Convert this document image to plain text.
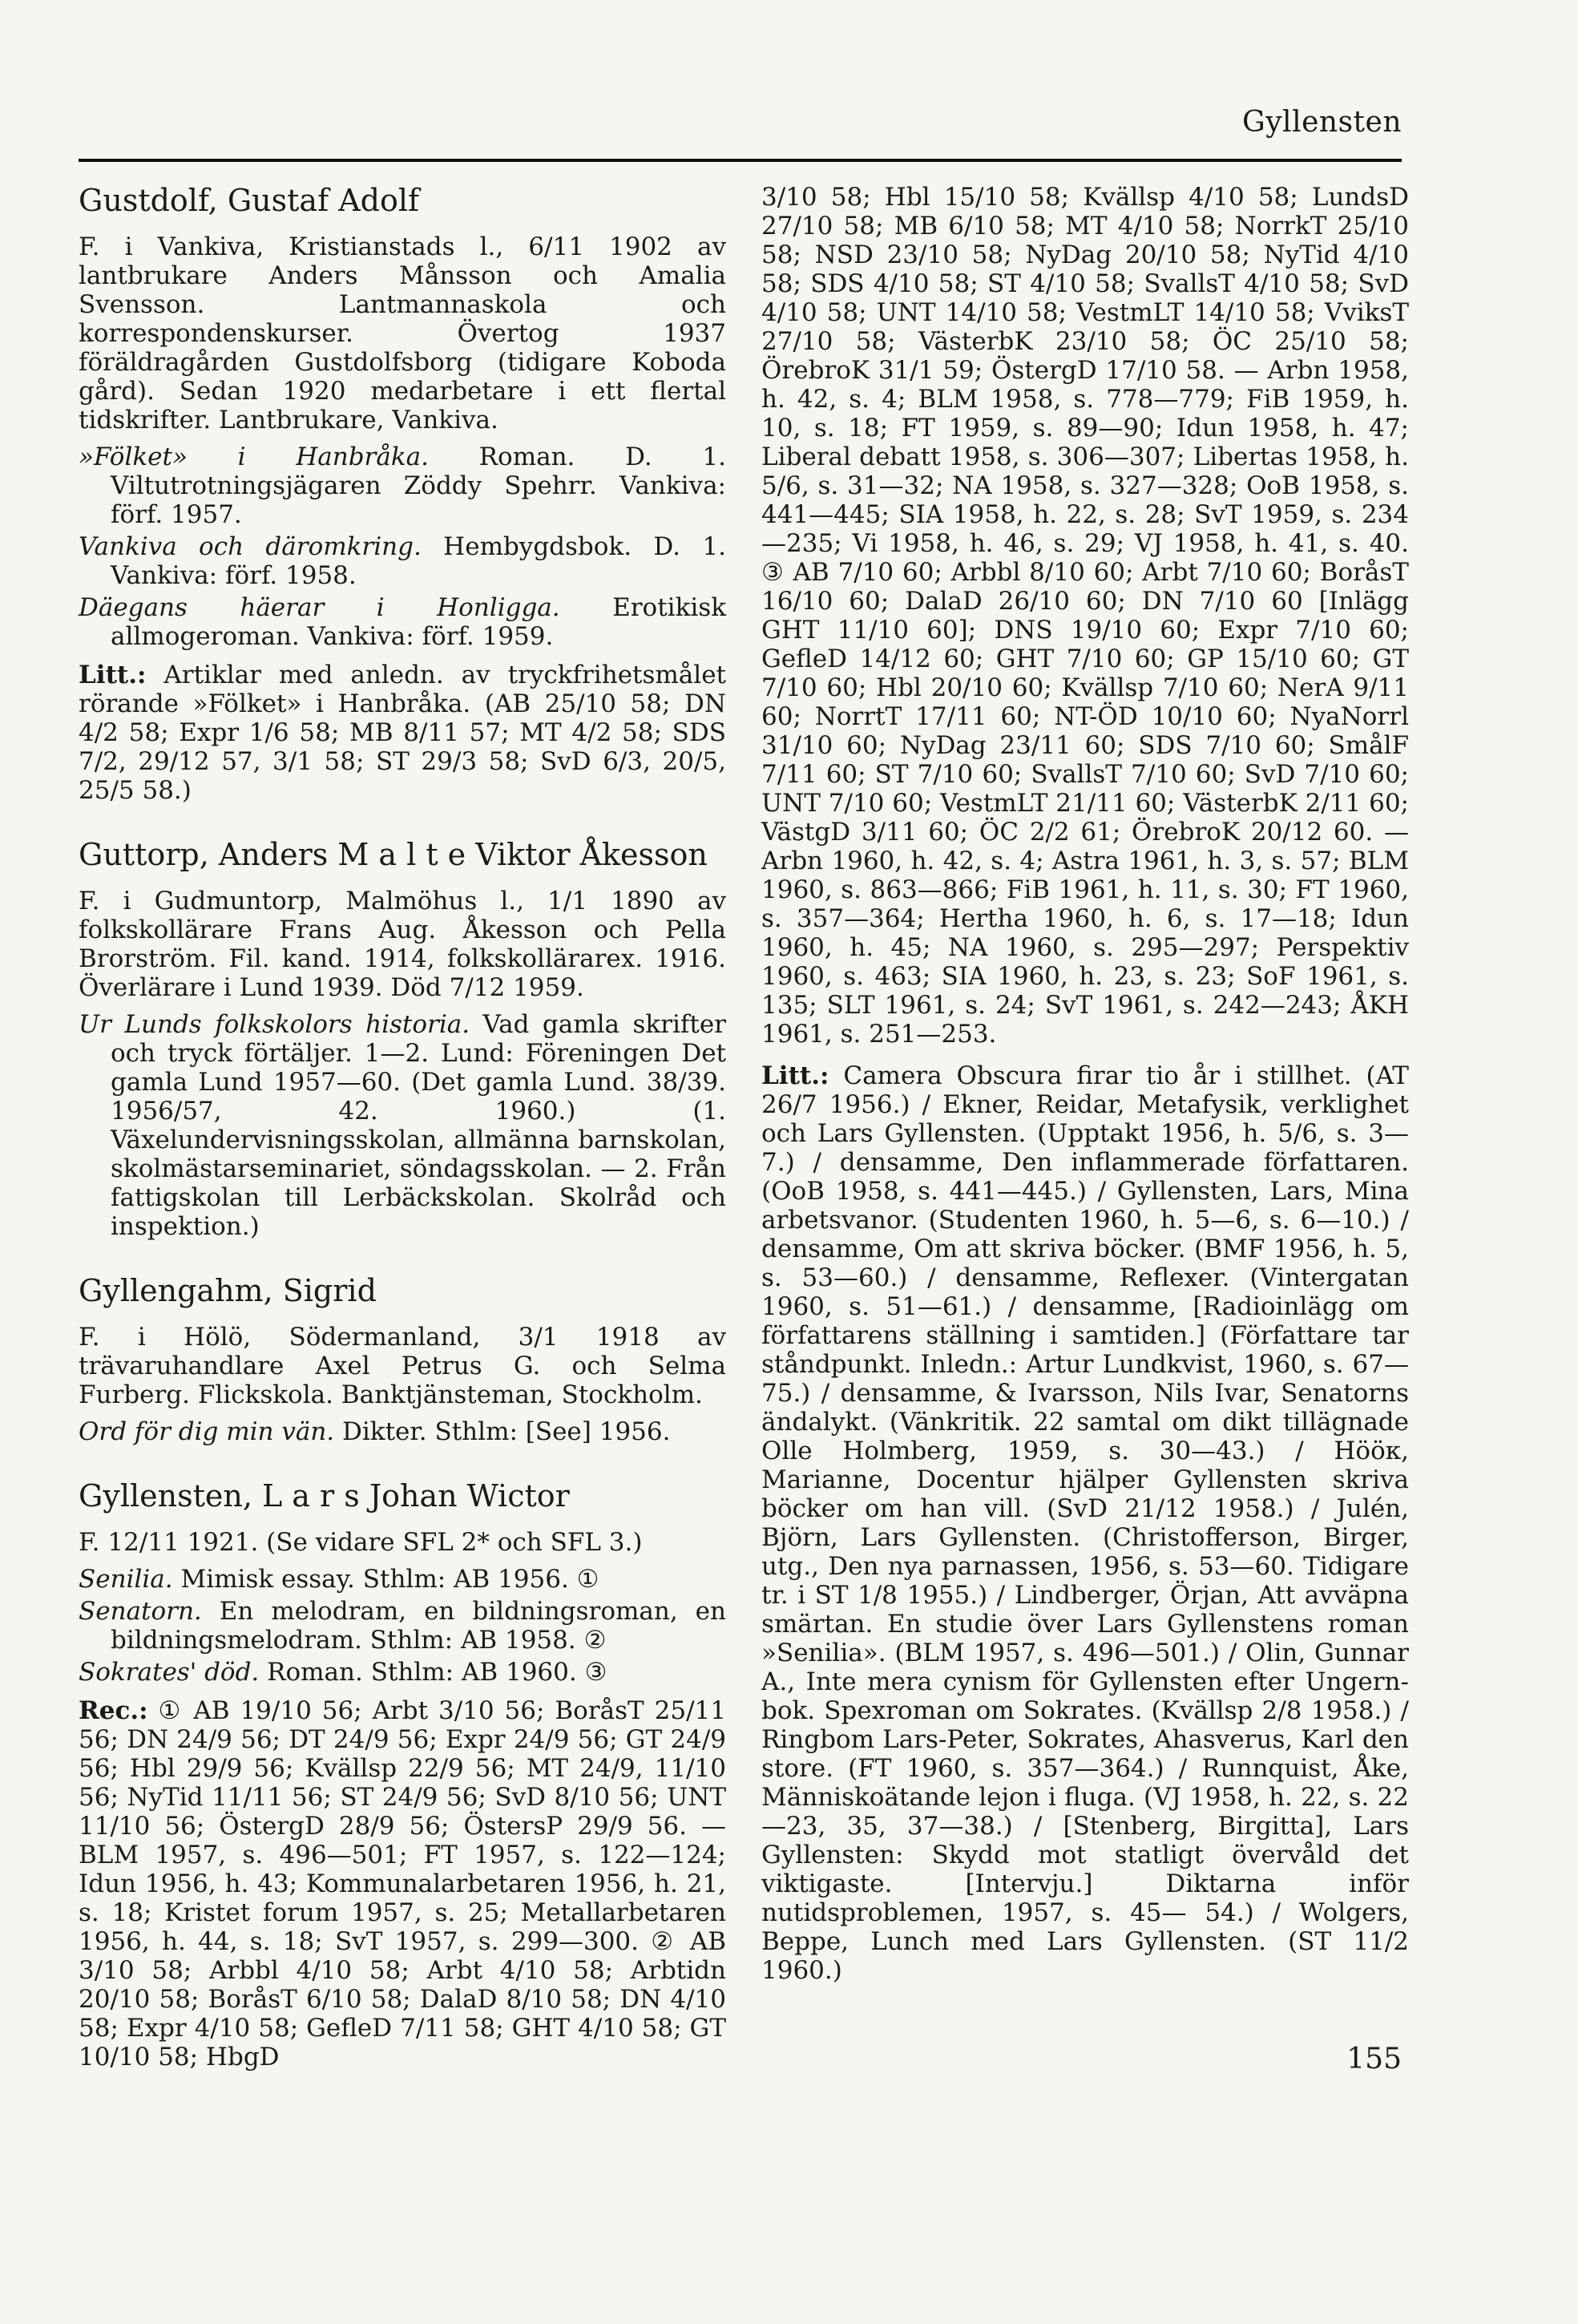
Gyllensten
Gustdolf, Gustaf Adolf

F. i Vankiva, Kristianstads l., 6/11 1902 av lantbrukare Anders Månsson och Amalia Svensson. Lantmannaskola och korrespondenskurser. Övertog 1937 föräldragården Gustdolfsborg (tidigare Koboda gård). Sedan 1920 medarbetare i ett flertal tidskrifter. Lantbrukare, Vankiva.

»Fölket» i Hanbråka. Roman. D. 1. Viltutrotningsjägaren Zöddy Spehrr. Vankiva: förf. 1957.

Vankiva och däromkring. Hembygdsbok. D. 1. Vankiva: förf. 1958.

Däegans häerar i Honligga. Erotikisk allmogeroman. Vankiva: förf. 1959.

Litt.: Artiklar med anledn. av tryckfrihetsmålet rörande »Fölket» i Hanbråka. (AB 25/10 58; DN 4/2 58; Expr 1/6 58; MB 8/11 57; MT 4/2 58; SDS 7/2, 29/12 57, 3/1 58; ST 29/3 58; SvD 6/3, 20/5, 25/5 58.)

Guttorp, Anders M a l t e Viktor Åkesson

F. i Gudmuntorp, Malmöhus l., 1/1 1890 av folkskollärare Frans Aug. Åkesson och Pella Brorström. Fil. kand. 1914, folkskollärarex. 1916. Överlärare i Lund 1939. Död 7/12 1959.

Ur Lunds folkskolors historia. Vad gamla skrifter och tryck förtäljer. 1—2. Lund: Föreningen Det gamla Lund 1957—60. (Det gamla Lund. 38/39. 1956/57, 42. 1960.) (1. Växelundervisningsskolan, allmänna barnskolan, skolmästarseminariet, söndagsskolan. — 2. Från fattigskolan till Lerbäckskolan. Skolråd och inspektion.)

Gyllengahm, Sigrid

F. i Hölö, Södermanland, 3/1 1918 av trävaruhandlare Axel Petrus G. och Selma Furberg. Flickskola. Banktjänsteman, Stockholm.

Ord för dig min vän. Dikter. Sthlm: [See] 1956.

Gyllensten, L a r s Johan Wictor

F. 12/11 1921. (Se vidare SFL 2* och SFL 3.)

Senilia. Mimisk essay. Sthlm: AB 1956. ①

Senatorn. En melodram, en bildningsroman, en bildningsmelodram. Sthlm: AB 1958. ②

Sokrates' död. Roman. Sthlm: AB 1960. ③

Rec.: ① AB 19/10 56; Arbt 3/10 56; BoråsT 25/11 56; DN 24/9 56; DT 24/9 56; Expr 24/9 56; GT 24/9 56; Hbl 29/9 56; Kvällsp 22/9 56; MT 24/9, 11/10 56; NyTid 11/11 56; ST 24/9 56; SvD 8/10 56; UNT 11/10 56; ÖstergD 28/9 56; ÖstersP 29/9 56. — BLM 1957, s. 496—501; FT 1957, s. 122—124; Idun 1956, h. 43; Kommunalarbetaren 1956, h. 21, s. 18; Kristet forum 1957, s. 25; Metallarbetaren 1956, h. 44, s. 18; SvT 1957, s. 299—300. ② AB 3/10 58; Arbbl 4/10 58; Arbt 4/10 58; Arbtidn 20/10 58; BoråsT 6/10 58; DalaD 8/10 58; DN 4/10 58; Expr 4/10 58; GefleD 7/11 58; GHT 4/10 58; GT 10/10 58; HbgD

3/10 58; Hbl 15/10 58; Kvällsp 4/10 58; LundsD 27/10 58; MB 6/10 58; MT 4/10 58; NorrkT 25/10 58; NSD 23/10 58; NyDag 20/10 58; NyTid 4/10 58; SDS 4/10 58; ST 4/10 58; SvallsT 4/10 58; SvD 4/10 58; UNT 14/10 58; VestmLT 14/10 58; VviksT 27/10 58; VästerbK 23/10 58; ÖC 25/10 58; ÖrebroK 31/1 59; ÖstergD 17/10 58. — Arbn 1958, h. 42, s. 4; BLM 1958, s. 778—779; FiB 1959, h. 10, s. 18; FT 1959, s. 89—90; Idun 1958, h. 47; Liberal debatt 1958, s. 306—307; Libertas 1958, h. 5/6, s. 31—32; NA 1958, s. 327—328; OoB 1958, s. 441—445; SIA 1958, h. 22, s. 28; SvT 1959, s. 234—235; Vi 1958, h. 46, s. 29; VJ 1958, h. 41, s. 40. ③ AB 7/10 60; Arbbl 8/10 60; Arbt 7/10 60; BoråsT 16/10 60; DalaD 26/10 60; DN 7/10 60 [Inlägg GHT 11/10 60]; DNS 19/10 60; Expr 7/10 60; GefleD 14/12 60; GHT 7/10 60; GP 15/10 60; GT 7/10 60; Hbl 20/10 60; Kvällsp 7/10 60; NerA 9/11 60; NorrtT 17/11 60; NT-ÖD 10/10 60; NyaNorrl 31/10 60; NyDag 23/11 60; SDS 7/10 60; SmålF 7/11 60; ST 7/10 60; SvallsT 7/10 60; SvD 7/10 60; UNT 7/10 60; VestmLT 21/11 60; VästerbK 2/11 60; VästgD 3/11 60; ÖC 2/2 61; ÖrebroK 20/12 60. — Arbn 1960, h. 42, s. 4; Astra 1961, h. 3, s. 57; BLM 1960, s. 863—866; FiB 1961, h. 11, s. 30; FT 1960, s. 357—364; Hertha 1960, h. 6, s. 17—18; Idun 1960, h. 45; NA 1960, s. 295—297; Perspektiv 1960, s. 463; SIA 1960, h. 23, s. 23; SoF 1961, s. 135; SLT 1961, s. 24; SvT 1961, s. 242—243; ÅKH 1961, s. 251—253.

Litt.: Camera Obscura firar tio år i stillhet. (AT 26/7 1956.) / Ekner, Reidar, Metafysik, verklighet och Lars Gyllensten. (Upptakt 1956, h. 5/6, s. 3—7.) / densamme, Den inflammerade författaren. (OoB 1958, s. 441—445.) / Gyllensten, Lars, Mina arbetsvanor. (Studenten 1960, h. 5—6, s. 6—10.) / densamme, Om att skriva böcker. (BMF 1956, h. 5, s. 53—60.) / densamme, Reflexer. (Vintergatan 1960, s. 51—61.) / densamme, [Radioinlägg om författarens ställning i samtiden.] (Författare tar ståndpunkt. Inledn.: Artur Lundkvist, 1960, s. 67—75.) / densamme, & Ivarsson, Nils Ivar, Senatorns ändalykt. (Vänkritik. 22 samtal om dikt tillägnade Olle Holmberg, 1959, s. 30—43.) / Hööк, Marianne, Docentur hjälper Gyllensten skriva böcker om han vill. (SvD 21/12 1958.) / Julén, Björn, Lars Gyllensten. (Christofferson, Birger, utg., Den nya parnassen, 1956, s. 53—60. Tidigare tr. i ST 1/8 1955.) / Lindberger, Örjan, Att avväpna smärtan. En studie över Lars Gyllenstens roman »Senilia». (BLM 1957, s. 496—501.) / Olin, Gunnar A., Inte mera cynism för Gyllensten efter Ungern-bok. Spexroman om Sokrates. (Kvällsp 2/8 1958.) / Ringbom Lars-Peter, Sokrates, Ahasverus, Karl den store. (FT 1960, s. 357—364.) / Runnquist, Åke, Människoätande lejon i fluga. (VJ 1958, h. 22, s. 22—23, 35, 37—38.) / [Stenberg, Birgitta], Lars Gyllensten: Skydd mot statligt övervåld det viktigaste. [Intervju.] Diktarna inför nutidsproblemen, 1957, s. 45— 54.) / Wolgers, Beppe, Lunch med Lars Gyllensten. (ST 11/2 1960.)

155
